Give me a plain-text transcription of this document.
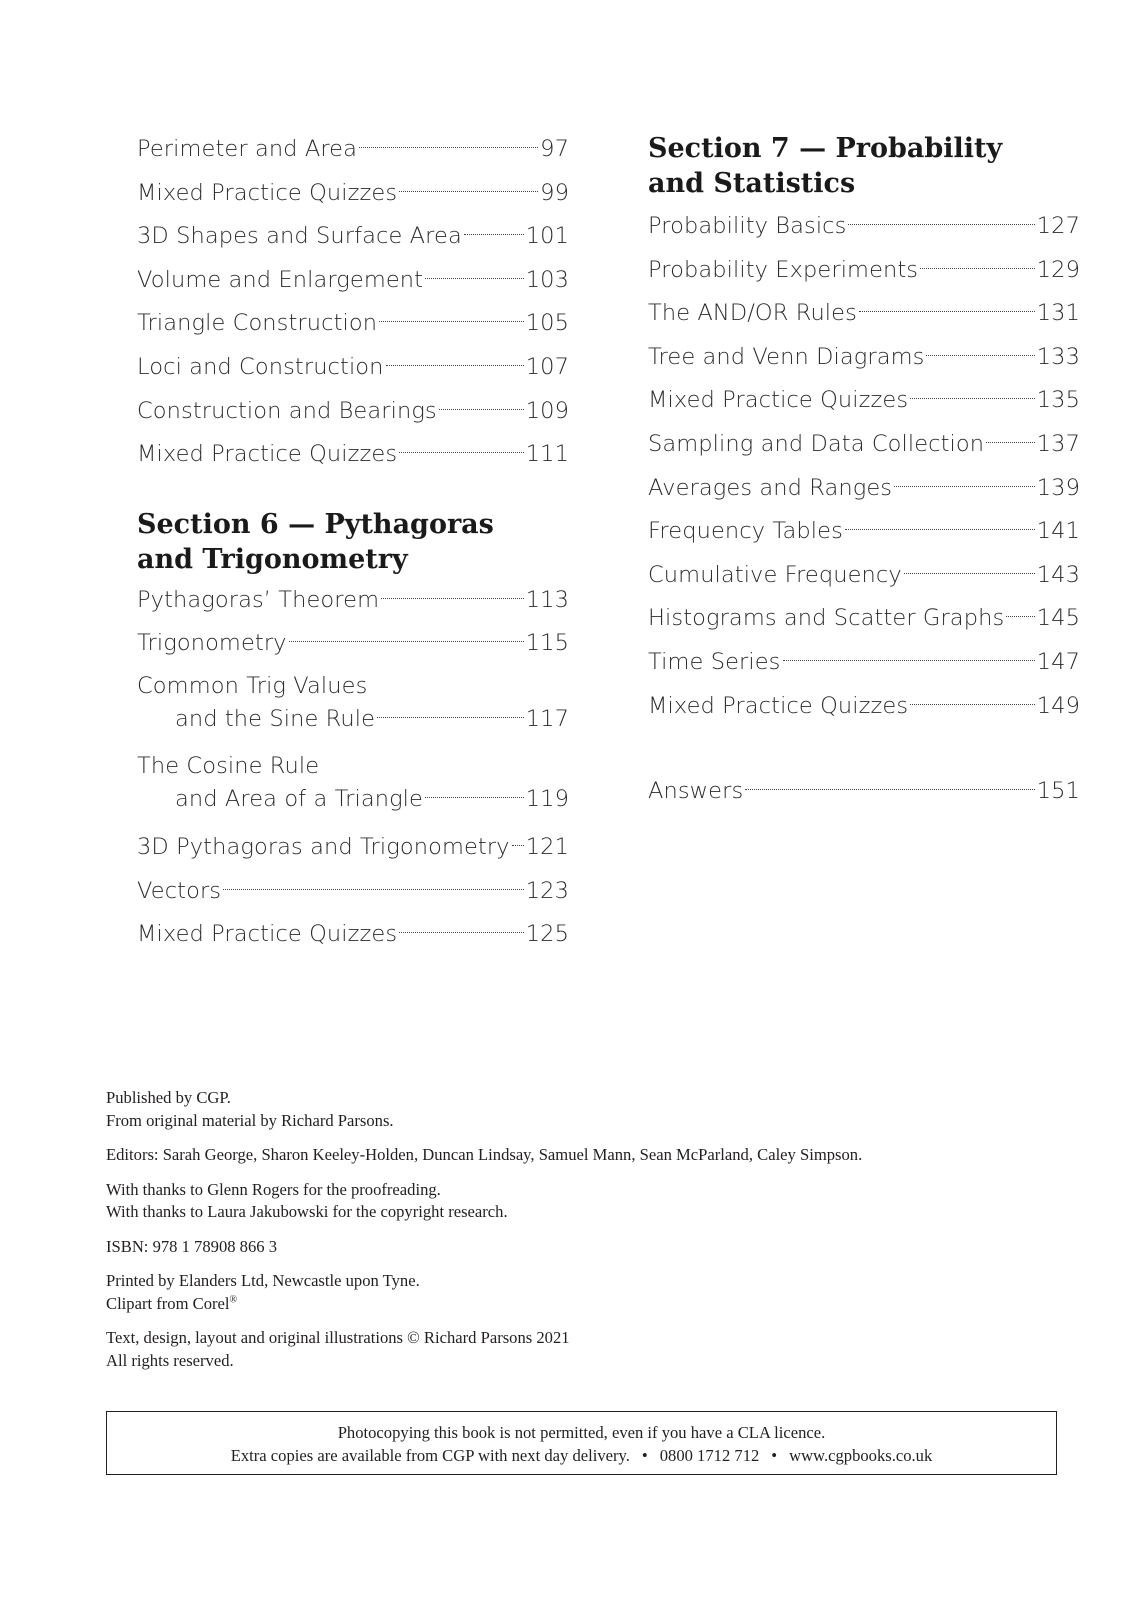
Perimeter and Area	97
Mixed Practice Quizzes	99
3D Shapes and Surface Area	101
Volume and Enlargement	103
Triangle Construction	105
Loci and Construction	107
Construction and Bearings	109
Mixed Practice Quizzes	111
Section 6 — Pythagoras
and Trigonometry
Pythagoras’ Theorem	113
Trigonometry	115
Common Trig Values
and the Sine Rule	117
The Cosine Rule
and Area of a Triangle	119
3D Pythagoras and Trigonometry 121
Vectors	123
Mixed Practice Quizzes	125
Section 7 — Probability
and Statistics
Probability Basics	127
Probability Experiments	129
The AND/OR Rules	131
Tree and Venn Diagrams	133
Mixed Practice Quizzes	135
Sampling and Data Collection 137
Averages and Ranges	139
Frequency Tables	141
Cumulative Frequency	143
Histograms and Scatter Graphs 145
Time Series	147
Mixed Practice Quizzes	149
Answers	151
Published by CGP.
From original material by Richard Parsons.
Editors: Sarah George, Sharon Keeley-Holden, Duncan Lindsay, Samuel Mann, Sean McParland, Caley Simpson.
With thanks to Glenn Rogers for the proofreading.
With thanks to Laura Jakubowski for the copyright research.
ISBN: 978 1 78908 866 3
Printed by Elanders Ltd, Newcastle upon Tyne.
Clipart from Corel®
Text, design, layout and original illustrations © Richard Parsons 2021
All rights reserved.
Photocopying this book is not permitted, even if you have a CLA licence.
Extra copies are available from CGP with next day delivery. • 0800 1712 712 • www.cgpbooks.co.uk
